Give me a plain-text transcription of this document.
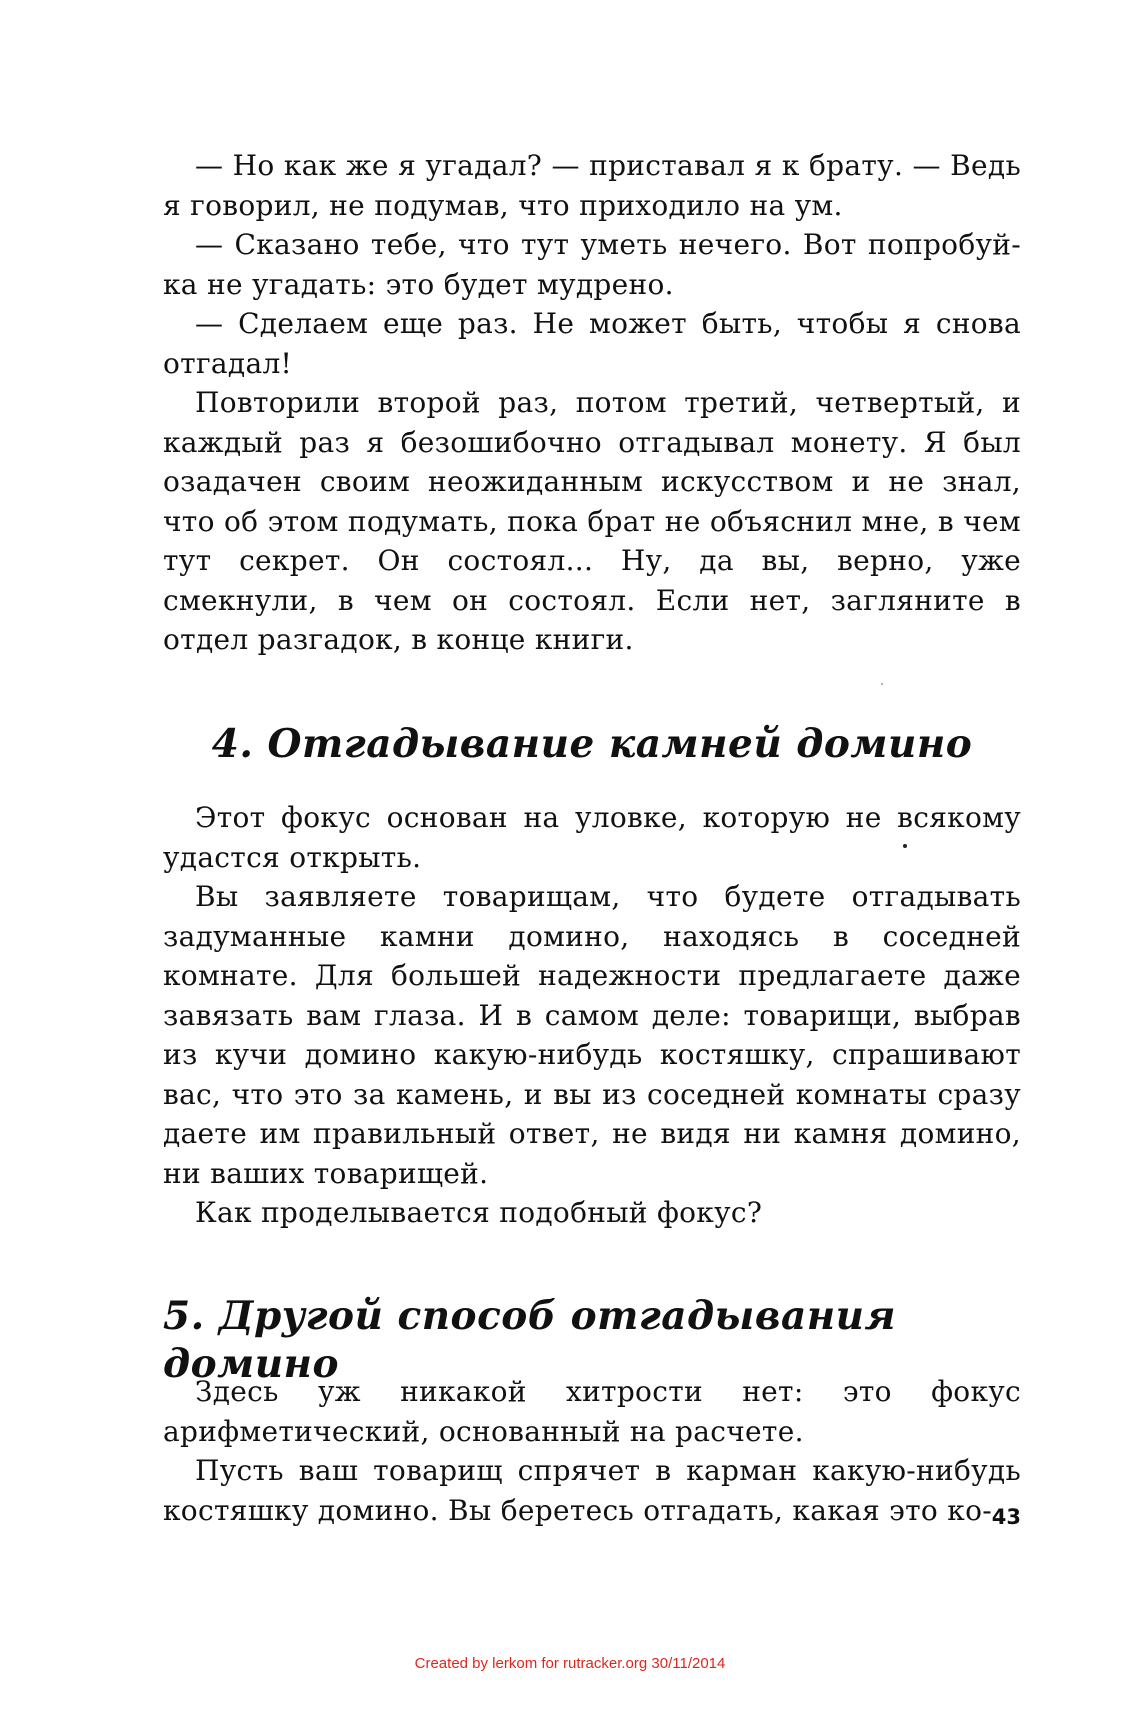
— Но как же я угадал? — приставал я к брату. — Ведь я говорил, не подумав, что приходило на ум.

— Сказано тебе, что тут уметь нечего. Вот попробуй-ка не угадать: это будет мудрено.

— Сделаем еще раз. Не может быть, чтобы я снова отгадал!

Повторили второй раз, потом третий, четвертый, и каждый раз я безошибочно отгадывал монету. Я был озадачен своим неожиданным искусством и не знал, что об этом подумать, пока брат не объяснил мне, в чем тут секрет. Он состоял... Ну, да вы, верно, уже смекнули, в чем он состоял. Если нет, загляните в отдел разгадок, в конце книги.

4. Отгадывание камней домино

Этот фокус основан на уловке, которую не всякому удастся открыть.

Вы заявляете товарищам, что будете отгадывать задуманные камни домино, находясь в соседней комнате. Для большей надежности предлагаете даже завязать вам глаза. И в самом деле: товарищи, выбрав из кучи домино какую-нибудь костяшку, спрашивают вас, что это за камень, и вы из соседней комнаты сразу даете им правильный ответ, не видя ни камня домино, ни ваших товарищей.

Как проделывается подобный фокус?

5. Другой способ отгадывания домино

Здесь уж никакой хитрости нет: это фокус арифметический, основанный на расчете.

Пусть ваш товарищ спрячет в карман какую-нибудь костяшку домино. Вы беретесь отгадать, какая это ко- 43

Created by lerkom for rutracker.org 30/11/2014
